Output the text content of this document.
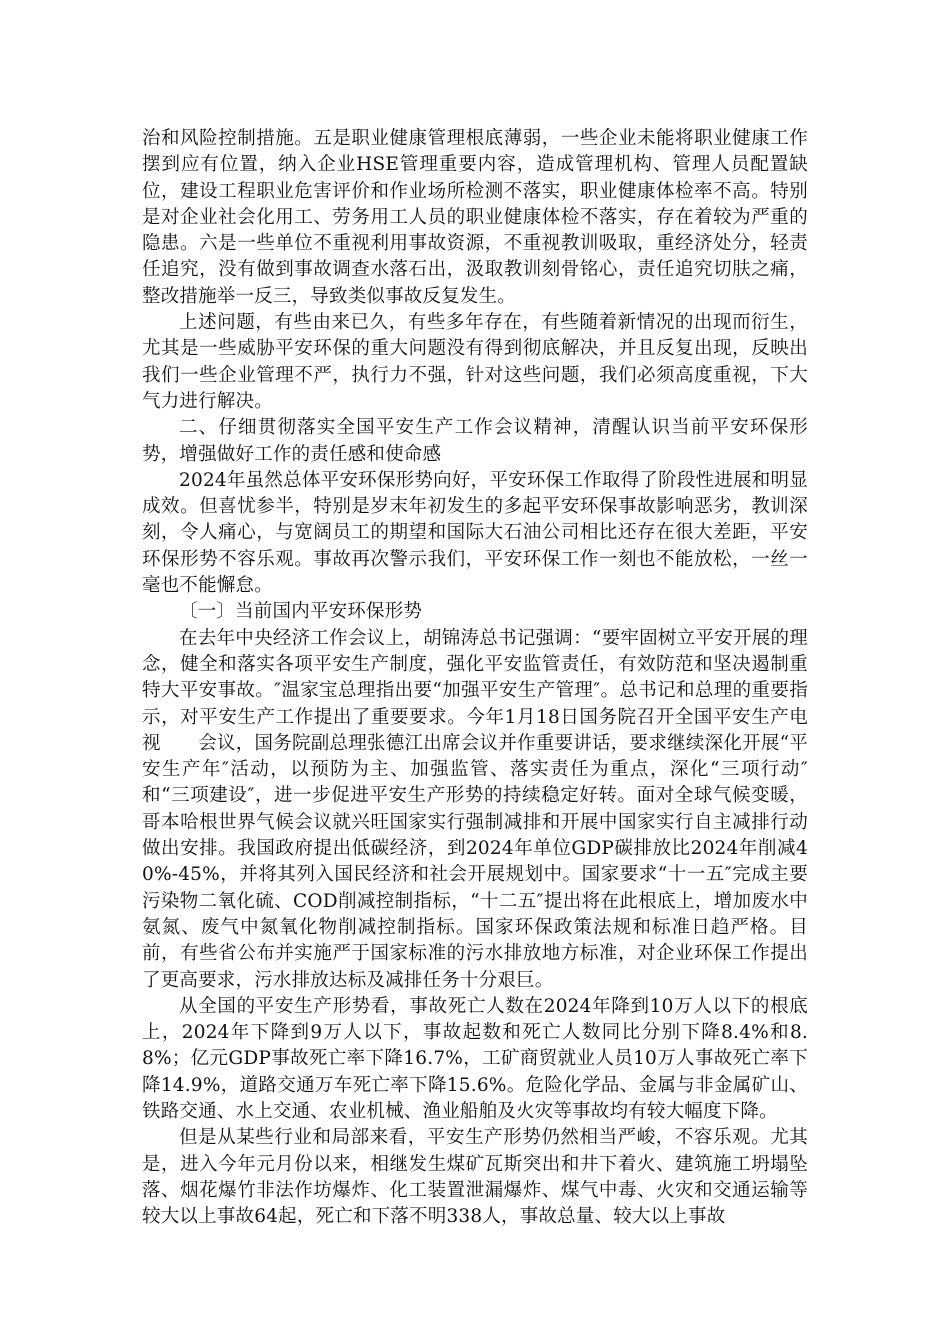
治和风险控制措施。五是职业健康管理根底薄弱，一些企业未能将职业健康工作摆到应有位置，纳入企业HSE管理重要内容，造成管理机构、管理人员配置缺位，建设工程职业危害评价和作业场所检测不落实，职业健康体检率不高。特别是对企业社会化用工、劳务用工人员的职业健康体检不落实，存在着较为严重的隐患。六是一些单位不重视利用事故资源，不重视教训吸取，重经济处分，轻责任追究，没有做到事故调查水落石出，汲取教训刻骨铭心，责任追究切肤之痛，整改措施举一反三，导致类似事故反复发生。

上述问题，有些由来已久，有些多年存在，有些随着新情况的出现而衍生，尤其是一些威胁平安环保的重大问题没有得到彻底解决，并且反复出现，反映出我们一些企业管理不严，执行力不强，针对这些问题，我们必须高度重视，下大气力进行解决。

二、仔细贯彻落实全国平安生产工作会议精神，清醒认识当前平安环保形势，增强做好工作的责任感和使命感

2024年虽然总体平安环保形势向好，平安环保工作取得了阶段性进展和明显成效。但喜忧参半，特别是岁末年初发生的多起平安环保事故影响恶劣，教训深刻，令人痛心，与宽阔员工的期望和国际大石油公司相比还存在很大差距，平安环保形势不容乐观。事故再次警示我们，平安环保工作一刻也不能放松，一丝一毫也不能懈怠。

〔一〕当前国内平安环保形势

在去年中央经济工作会议上，胡锦涛总书记强调：“要牢固树立平安开展的理念，健全和落实各项平安生产制度，强化平安监管责任，有效防范和坚决遏制重特大平安事故。″温家宝总理指出要“加强平安生产管理″。总书记和总理的重要指示，对平安生产工作提出了重要要求。今年1月18日国务院召开全国平安生产电视　　会议，国务院副总理张德江出席会议并作重要讲话，要求继续深化开展“平安生产年″活动，以预防为主、加强监管、落实责任为重点，深化“三项行动″和“三项建设″，进一步促进平安生产形势的持续稳定好转。面对全球气候变暖，哥本哈根世界气候会议就兴旺国家实行强制减排和开展中国家实行自主减排行动做出安排。我国政府提出低碳经济，到2024年单位GDP碳排放比2024年削减40%-45%，并将其列入国民经济和社会开展规划中。国家要求“十一五″完成主要污染物二氧化硫、COD削减控制指标，“十二五″提出将在此根底上，增加废水中氨氮、废气中氮氧化物削减控制指标。国家环保政策法规和标准日趋严格。目前，有些省公布并实施严于国家标准的污水排放地方标准，对企业环保工作提出了更高要求，污水排放达标及减排任务十分艰巨。

从全国的平安生产形势看，事故死亡人数在2024年降到10万人以下的根底上，2024年下降到9万人以下，事故起数和死亡人数同比分别下降8.4%和8.8%；亿元GDP事故死亡率下降16.7%，工矿商贸就业人员10万人事故死亡率下降14.9%，道路交通万车死亡率下降15.6%。危险化学品、金属与非金属矿山、铁路交通、水上交通、农业机械、渔业船舶及火灾等事故均有较大幅度下降。

但是从某些行业和局部来看，平安生产形势仍然相当严峻，不容乐观。尤其是，进入今年元月份以来，相继发生煤矿瓦斯突出和井下着火、建筑施工坍塌坠落、烟花爆竹非法作坊爆炸、化工装置泄漏爆炸、煤气中毒、火灾和交通运输等较大以上事故64起，死亡和下落不明338人，事故总量、较大以上事故
